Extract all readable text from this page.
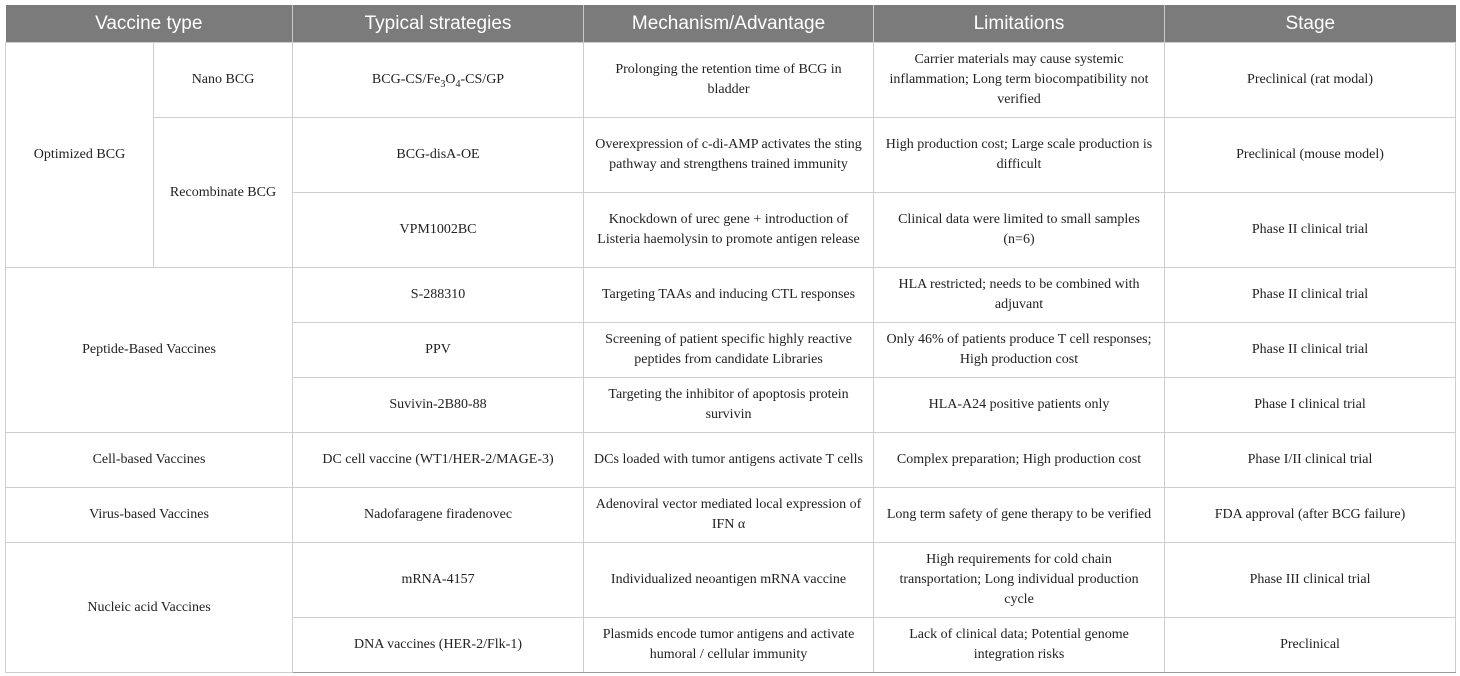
Vaccine type		Typical strategies	Mechanism/Advantage	Limitations	Stage
Optimized BCG	Nano BCG	BCG-$CS/Fe_3O_4-CS/GP$	Prolonging the retention time of BCG in bladder	Carrier materials may cause systemic inflammation; Long term biocompatibility not verified	Preclinical (rat modal)
	Recombinate BCG	BCG-disA-OE	Overexpression of c-di-AMP activates the sting pathway and strengthens trained immunity	High production cost; Large scale production is difficult	Preclinical (mouse model)
		VPM1002BC	Knockdown of urec gene + introduction of Listeria haemolysin to promote antigen release	Clinical data were limited to small samples (n=6)	Phase II clinical trial
Peptide-Based Vaccines		S-288310	Targeting TAAs and inducing CTL responses	HLA restricted; needs to be combined with adjuvant	Phase II clinical trial
		PPV	Screening of patient specific highly reactive peptides from candidate Libraries	Only 46% of patients produce T cell responses; High production cost	Phase II clinical trial
		Suvivin-2B80-88	Targeting the inhibitor of apoptosis protein survivin	HLA-A24 positive patients only	Phase I clinical trial
Cell-based Vaccines		DC cell vaccine (WT1/HER-2/MAGE-3)	DCs loaded with tumor antigens activate T cells	Complex preparation; High production cost	Phase I/II clinical trial
Virus-based Vaccines		Nadofaragene firadenovec	Adenoviral vector mediated local expression of IFN α	Long term safety of gene therapy to be verified	FDA approval (after BCG failure)
Nucleic acid Vaccines		mRNA-4157	Individualized neoantigen mRNA vaccine	High requirements for cold chain transportation; Long individual production cycle	Phase III clinical trial
		DNA vaccines (HER-2/Flk-1)	Plasmids encode tumor antigens and activate humoral / cellular immunity	Lack of clinical data; Potential genome integration risks	Preclinical
